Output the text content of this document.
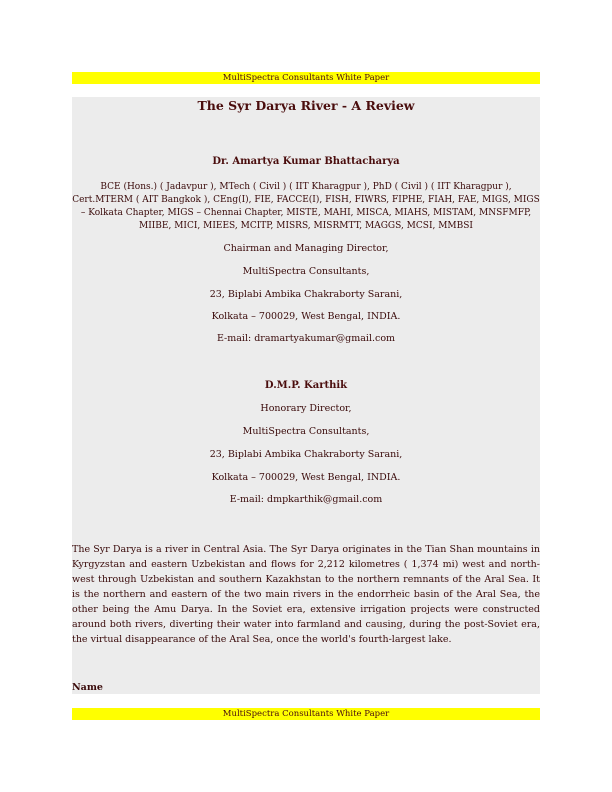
MultiSpectra Consultants White Paper
The Syr Darya River - A Review
Dr. Amartya Kumar Bhattacharya
BCE (Hons.) ( Jadavpur ), MTech ( Civil ) ( IIT Kharagpur ), PhD ( Civil ) ( IIT Kharagpur ), Cert.MTERM ( AIT Bangkok ), CEng(I), FIE, FACCE(I), FISH, FIWRS, FIPHE, FIAH, FAE, MIGS, MIGS – Kolkata Chapter, MIGS – Chennai Chapter, MISTE, MAHI, MISCA, MIAHS, MISTAM, MNSFMFP, MIIBE, MICI, MIEES, MCITP, MISRS, MISRMTT, MAGGS, MCSI, MMBSI
Chairman and Managing Director,
MultiSpectra Consultants,
23, Biplabi Ambika Chakraborty Sarani,
Kolkata – 700029, West Bengal, INDIA.
E-mail: dramartyakumar@gmail.com
D.M.P. Karthik
Honorary Director,
MultiSpectra Consultants,
23, Biplabi Ambika Chakraborty Sarani,
Kolkata – 700029, West Bengal, INDIA.
E-mail: dmpkarthik@gmail.com
The Syr Darya is a river in Central Asia. The Syr Darya originates in the Tian Shan mountains in Kyrgyzstan and eastern Uzbekistan and flows for 2,212 kilometres ( 1,374 mi) west and north-west through Uzbekistan and southern Kazakhstan to the northern remnants of the Aral Sea. It is the northern and eastern of the two main rivers in the endorrheic basin of the Aral Sea, the other being the Amu Darya. In the Soviet era, extensive irrigation projects were constructed around both rivers, diverting their water into farmland and causing, during the post-Soviet era, the virtual disappearance of the Aral Sea, once the world's fourth-largest lake.
Name
MultiSpectra Consultants White Paper
